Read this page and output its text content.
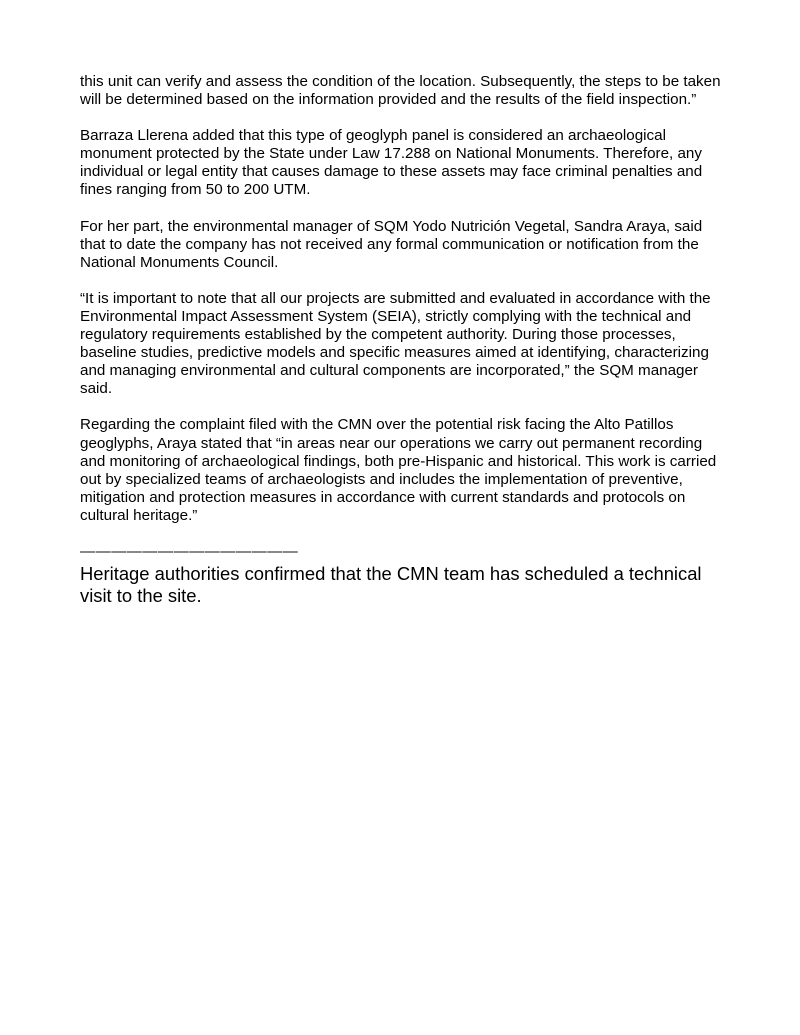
this unit can verify and assess the condition of the location. Subsequently, the steps to be taken will be determined based on the information provided and the results of the field inspection.”

Barraza Llerena added that this type of geoglyph panel is considered an archaeological monument protected by the State under Law 17.288 on National Monuments. Therefore, any individual or legal entity that causes damage to these assets may face criminal penalties and fines ranging from 50 to 200 UTM.

For her part, the environmental manager of SQM Yodo Nutrición Vegetal, Sandra Araya, said that to date the company has not received any formal communication or notification from the National Monuments Council.

“It is important to note that all our projects are submitted and evaluated in accordance with the Environmental Impact Assessment System (SEIA), strictly complying with the technical and regulatory requirements established by the competent authority. During those processes, baseline studies, predictive models and specific measures aimed at identifying, characterizing and managing environmental and cultural components are incorporated,” the SQM manager said.

Regarding the complaint filed with the CMN over the potential risk facing the Alto Patillos geoglyphs, Araya stated that “in areas near our operations we carry out permanent recording and monitoring of archaeological findings, both pre-Hispanic and historical. This work is carried out by specialized teams of archaeologists and includes the implementation of preventive, mitigation and protection measures in accordance with current standards and protocols on cultural heritage.”

——————————————

Heritage authorities confirmed that the CMN team has scheduled a technical visit to the site.
